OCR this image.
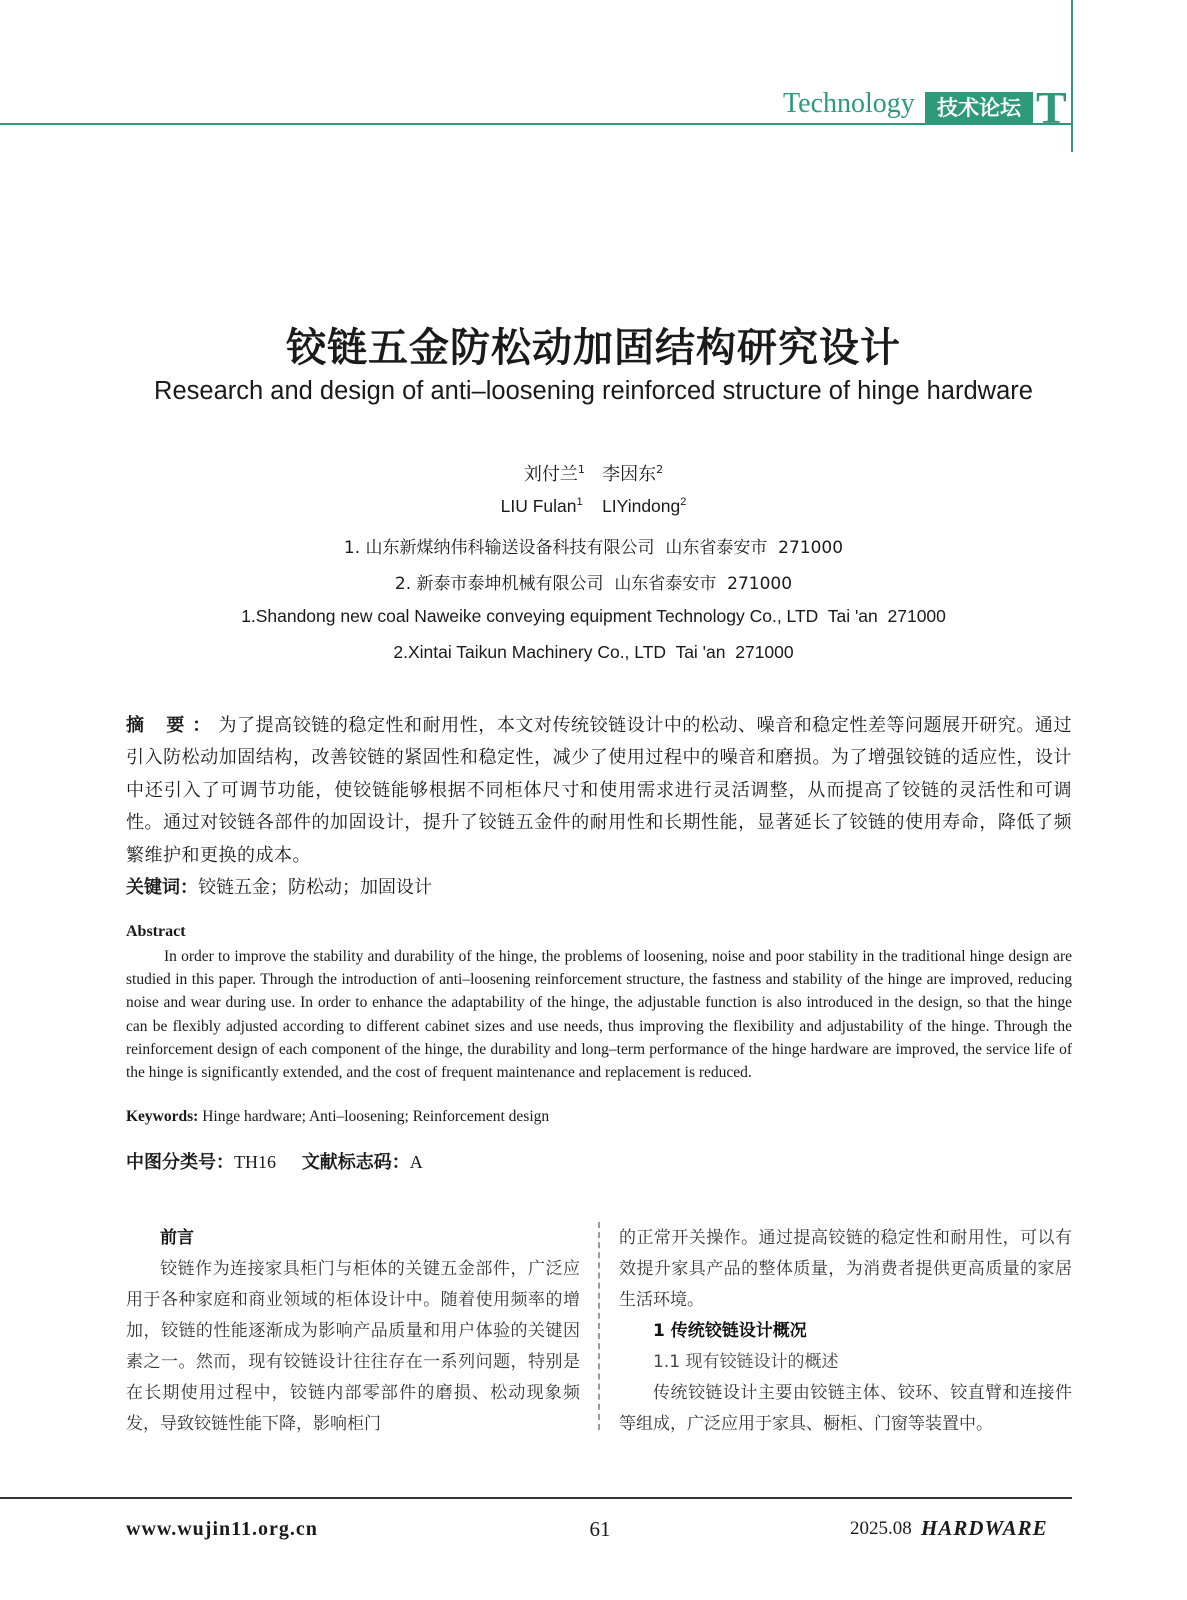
Technology	技术论坛 T
铰链五金防松动加固结构研究设计
Research and design of anti–loosening reinforced structure of hinge hardware
刘付兰$^1$ 李因东$^2$
LIU Fulan$^1$ LIYindong$^2$
1. 山东新煤纳伟科输送设备科技有限公司  山东省泰安市  271000
2. 新泰市泰坤机械有限公司  山东省泰安市  271000
1.Shandong new coal Naweike conveying equipment Technology Co., LTD  Tai 'an  271000
2.Xintai Taikun Machinery Co., LTD  Tai 'an  271000
摘 要：为了提高铰链的稳定性和耐用性，本文对传统铰链设计中的松动、噪音和稳定性差等问题展开研究。通过引入防松动加固结构，改善铰链的紧固性和稳定性，减少了使用过程中的噪音和磨损。为了增强铰链的适应性，设计中还引入了可调节功能，使铰链能够根据不同柜体尺寸和使用需求进行灵活调整，从而提高了铰链的灵活性和可调性。通过对铰链各部件的加固设计，提升了铰链五金件的耐用性和长期性能，显著延长了铰链的使用寿命，降低了频繁维护和更换的成本。
关键词：铰链五金；防松动；加固设计
Abstract
In order to improve the stability and durability of the hinge, the problems of loosening, noise and poor stability in the traditional hinge design are studied in this paper. Through the introduction of anti–loosening reinforcement structure, the fastness and stability of the hinge are improved, reducing noise and wear during use. In order to enhance the adaptability of the hinge, the adjustable function is also introduced in the design, so that the hinge can be flexibly adjusted according to different cabinet sizes and use needs, thus improving the flexibility and adjustability of the hinge. Through the reinforcement design of each component of the hinge, the durability and long–term performance of the hinge hardware are improved, the service life of the hinge is significantly extended, and the cost of frequent maintenance and replacement is reduced.
Keywords: Hinge hardware; Anti–loosening; Reinforcement design
中图分类号：TH16 文献标志码：A

前言

铰链作为连接家具柜门与柜体的关键五金部件，广泛应用于各种家庭和商业领域的柜体设计中。随着使用频率的增加，铰链的性能逐渐成为影响产品质量和用户体验的关键因素之一。然而，现有铰链设计往往存在一系列问题，特别是在长期使用过程中，铰链内部零部件的磨损、松动现象频发，导致铰链性能下降，影响柜门

的正常开关操作。通过提高铰链的稳定性和耐用性，可以有效提升家具产品的整体质量，为消费者提供更高质量的家居生活环境。

1 传统铰链设计概况

1.1 现有铰链设计的概述

传统铰链设计主要由铰链主体、铰环、铰直臂和连接件等组成，广泛应用于家具、橱柜、门窗等装置中。

www.wujin11.org.cn	61	2025.08 HARDWARE
